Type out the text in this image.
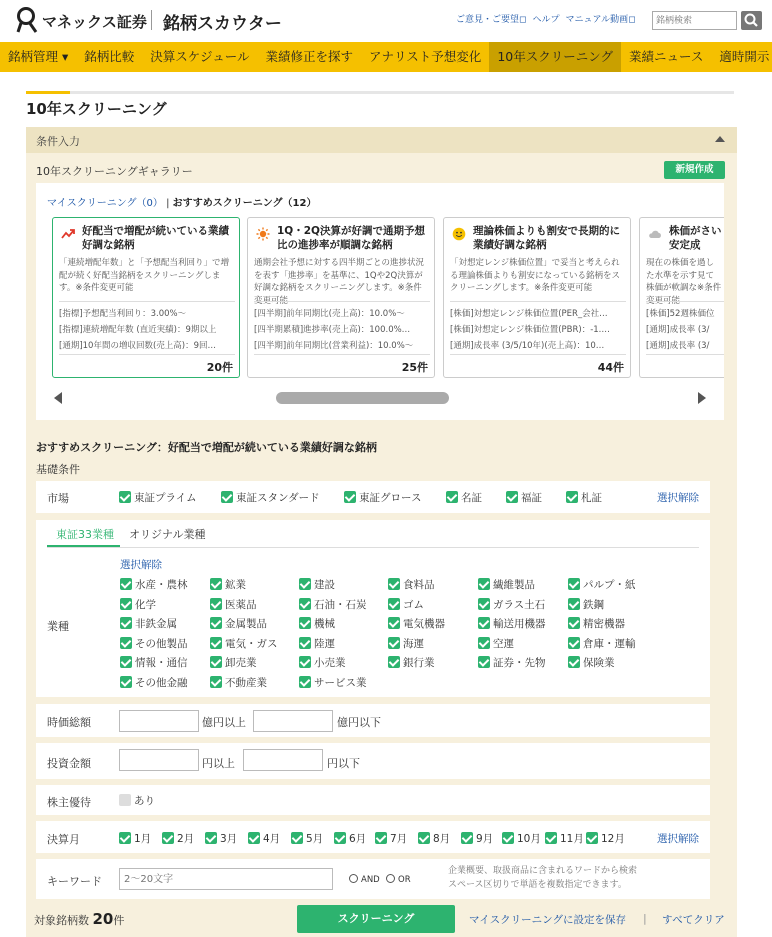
マネックス証券 銘柄スカウター	ご意見・ご要望◻ ヘルプ マニュアル動画◻
銘柄検索
銘柄管理 ▾	銘柄比較	決算スケジュール	業績修正を探す	アナリスト予想変化	10年スクリーニング	業績ニュース	適時開示
10年スクリーニング
条件入力
10年スクリーニングギャラリー	新規作成
マイスクリーニング（0） | おすすめスクリーニング（12）
好配当で増配が続いている業績好調な銘柄
「連続増配年数」と「予想配当利回り」で増配が続く好配当銘柄をスクリーニングします。※条件変更可能
[指標]予想配当利回り：3.00%〜
[指標]連続増配年数 (直近実績)：9期以上
[通期]10年間の増収回数(売上高)：9回…
20件
1Q・2Q決算が好調で通期予想比の進捗率が順調な銘柄
通期会社予想に対する四半期ごとの進捗状況を表す「進捗率」を基準に、1Qや2Q決算が好調な銘柄をスクリーニングします。※条件
[四半期]前年同期比(売上高)：10.0%〜
[四半期累積]進捗率(売上高)：100.0%…
[四半期]前年同期比(営業利益)：10.0%〜
25件
理論株価よりも割安で長期的に業績好調な銘柄
「対想定レンジ株価位置」で妥当と考えられる理論株価よりも割安になっている銘柄をスクリーニングします。※条件変更可能
[株価]対想定レンジ株価位置(PER_会社…
[株価]対想定レンジ株価位置(PBR)：-1.…
[通期]成長率 (3/5/10年)(売上高)：10…
44件
株価がさい安定成
現在の株価を過した水準を示す見て株価が軟調な※条件
[株価]52週株価位
[通期]成長率 (3/
[通期]成長率 (3/
おすすめスクリーニング：好配当で増配が続いている業績好調な銘柄
基礎条件
市場	東証プライム	東証スタンダード	東証グロース	名証	福証	札証	選択解除
東証33業種 オリジナル業種
業種
選択解除
水産・農林	鉱業	建設	食料品	繊維製品	パルプ・紙
化学	医薬品	石油・石炭	ゴム	ガラス土石	鉄鋼
非鉄金属	金属製品	機械	電気機器	輸送用機器	精密機器
その他製品	電気・ガス	陸運	海運	空運	倉庫・運輸
情報・通信	卸売業	小売業	銀行業	証券・先物	保険業
その他金融	不動産業	サービス業
時価総額	億円以上	億円以下
投資金額	円以上	円以下
株主優待	あり
決算月	1月	2月	3月	4月	5月	6月	7月	8月	9月	10月	11月	12月	選択解除
キーワード
2〜20文字	AND	OR
企業概要、取扱商品に含まれるワードから検索
スペース区切りで単語を複数指定できます。
対象銘柄数 20件	スクリーニング	マイスクリーニングに設定を保存 | すべてクリア
